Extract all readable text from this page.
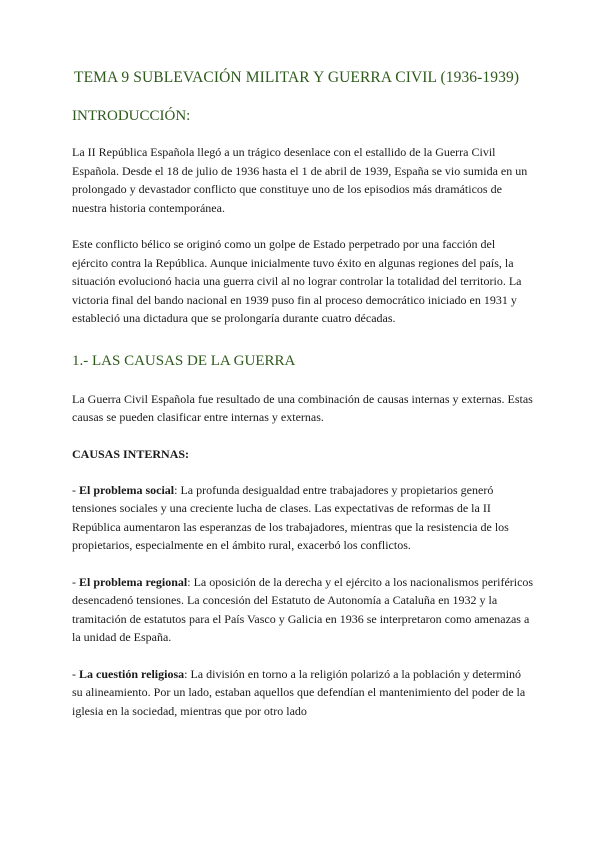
TEMA 9 SUBLEVACIÓN MILITAR Y GUERRA CIVIL (1936-1939)
INTRODUCCIÓN:

La II República Española llegó a un trágico desenlace con el estallido de la Guerra Civil Española. Desde el 18 de julio de 1936 hasta el 1 de abril de 1939, España se vio sumida en un prolongado y devastador conflicto que constituye uno de los episodios más dramáticos de nuestra historia contemporánea.

Este conflicto bélico se originó como un golpe de Estado perpetrado por una facción del ejército contra la República. Aunque inicialmente tuvo éxito en algunas regiones del país, la situación evolucionó hacia una guerra civil al no lograr controlar la totalidad del territorio. La victoria final del bando nacional en 1939 puso fin al proceso democrático iniciado en 1931 y estableció una dictadura que se prolongaría durante cuatro décadas.

1.- LAS CAUSAS DE LA GUERRA

La Guerra Civil Española fue resultado de una combinación de causas internas y externas. Estas causas se pueden clasificar entre internas y externas.

CAUSAS INTERNAS:

- El problema social: La profunda desigualdad entre trabajadores y propietarios generó tensiones sociales y una creciente lucha de clases. Las expectativas de reformas de la II República aumentaron las esperanzas de los trabajadores, mientras que la resistencia de los propietarios, especialmente en el ámbito rural, exacerbó los conflictos.

- El problema regional: La oposición de la derecha y el ejército a los nacionalismos periféricos desencadenó tensiones. La concesión del Estatuto de Autonomía a Cataluña en 1932 y la tramitación de estatutos para el País Vasco y Galicia en 1936 se interpretaron como amenazas a la unidad de España.

- La cuestión religiosa: La división en torno a la religión polarizó a la población y determinó su alineamiento. Por un lado, estaban aquellos que defendían el mantenimiento del poder de la iglesia en la sociedad, mientras que por otro lado
